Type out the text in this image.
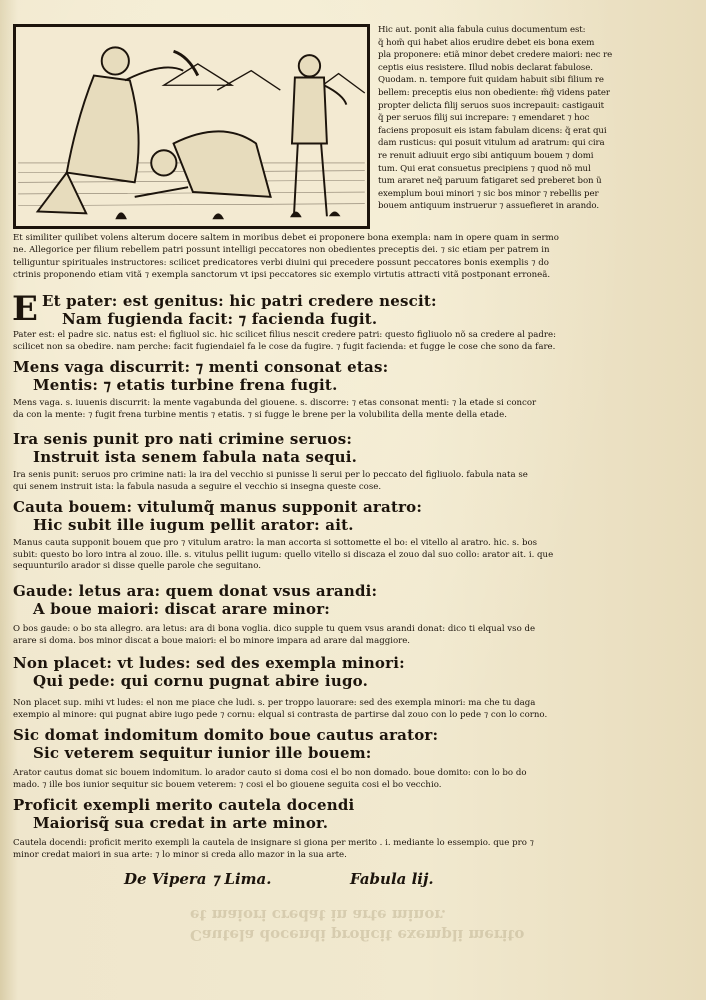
Hic aut. ponit alia fabula cuius documentum est:
q̃ hom̃ qui habet alios erudire debet eis bona exem
pla proponere: etiã minor debet credere maiori: nec re
ceptis eius resistere. Illud nobis declarat fabulose.
Quodam. n. tempore fuit quidam habuit sibi filium re
bellem: preceptis eius non obediente: m̃g̃ videns pater
propter delicta filij seruos suos increpauit: castigauit
q̃ per seruos filij sui increpare: ⁊ emendaret ⁊ hoc
faciens proposuit eis istam fabulam dicens: q̃ erat qui
dam rusticus: qui posuit vitulum ad aratrum: qui cira
re renuit adiuuit ergo sibi antiquum bouem ⁊ domi
tum. Qui erat consuetus precipiens ⁊ quod nõ mul
tum araret neq̃ paruum fatigaret sed preberet bon ũ
exemplum boui minori ⁊ sic bos minor ⁊ rebellis per
bouem antiquum instruerur ⁊ assuefieret in arando.
Et similiter quilibet volens alterum docere saltem in moribus debet ei proponere bona exempla: nam in opere quam in sermo
ne. Allegorice per filium rebellem patri possunt intelligi peccatores non obedientes preceptis dei. ⁊ sic etiam per patrem in
telliguntur spirituales instructores: scilicet predicatores verbi diuini qui precedere possunt peccatores bonis exemplis ⁊ do
ctrinis proponendo etiam vitã ⁊ exempla sanctorum vt ipsi peccatores sic exemplo virtutis attracti vitã postponant erroneã.
E Et pater: est genitus: hic patri credere nescit:
Nam fugienda facit: ⁊ facienda fugit.
Pater est: el padre sic. natus est: el figliuol sic. hic scilicet filius nescit credere patri: questo figliuolo nõ sa credere al padre:
scilicet non sa obedire. nam perche: facit fugiendaiel fa le cose da fugire. ⁊ fugit facienda: et fugge le cose che sono da fare.
Mens vaga discurrit: ⁊ menti consonat etas:
Mentis: ⁊ etatis turbine frena fugit.
Mens vaga. s. iuuenis discurrit: la mente vagabunda del giouene. s. discorre: ⁊ etas consonat menti: ⁊ la etade si concor
da con la mente: ⁊ fugit frena turbine mentis ⁊ etatis. ⁊ si fugge le brene per la volubilita della mente della etade.
Ira senis punit pro nati crimine seruos:
Instruit ista senem fabula nata sequi.
Ira senis punit: seruos pro crimine nati: la ira del vecchio si punisse li serui per lo peccato del figliuolo. fabula nata se
qui senem instruit ista: la fabula nasuda a seguire el vecchio si insegna queste cose.
Cauta bouem: vitulumq̃ manus supponit aratro:
Hic subit ille iugum pellit arator: ait.
Manus cauta supponit bouem que pro ⁊ vitulum aratro: la man accorta si sottomette el bo: el vitello al aratro. hic. s. bos
subit: questo bo loro intra al zouo. ille. s. vitulus pellit iugum: quello vitello si discaza el zouo dal suo collo: arator ait. i. que
sequunturilo arador si disse quelle parole che seguitano.
Gaude: letus ara: quem donat vsus arandi:
A boue maiori: discat arare minor:
O bos gaude: o bo sta allegro. ara letus: ara di bona voglia. dico supple tu quem vsus arandi donat: dico ti elqual vso de
arare si doma. bos minor discat a boue maiori: el bo minore impara ad arare dal maggiore.
Non placet: vt ludes: sed des exempla minori:
Qui pede: qui cornu pugnat abire iugo.
Non placet sup. mihi vt ludes: el non me piace che ludi. s. per troppo lauorare: sed des exempla minori: ma che tu daga
exempio al minore: qui pugnat abire iugo pede ⁊ cornu: elqual si contrasta de partirse dal zouo con lo pede ⁊ con lo corno.
Sic domat indomitum domito boue cautus arator:
Sic veterem sequitur iunior ille bouem:
Arator cautus domat sic bouem indomitum. lo arador cauto si doma cosi el bo non domado. boue domito: con lo bo do
mado. ⁊ ille bos iunior sequitur sic bouem veterem: ⁊ cosi el bo giouene seguita cosi el bo vecchio.
Proficit exempli merito cautela docendi
Maiorisq̃ sua credat in arte minor.
Cautela docendi: proficit merito exempli la cautela de insignare si giona per merito . i. mediante lo essempio. que pro ⁊
minor credat maiori in sua arte: ⁊ lo minor si creda allo mazor in la sua arte.
De Vipera ⁊ Lima.	Fabula lij.
Cautela docendi proficit exempli merito
et maiori credat in arte minor.
